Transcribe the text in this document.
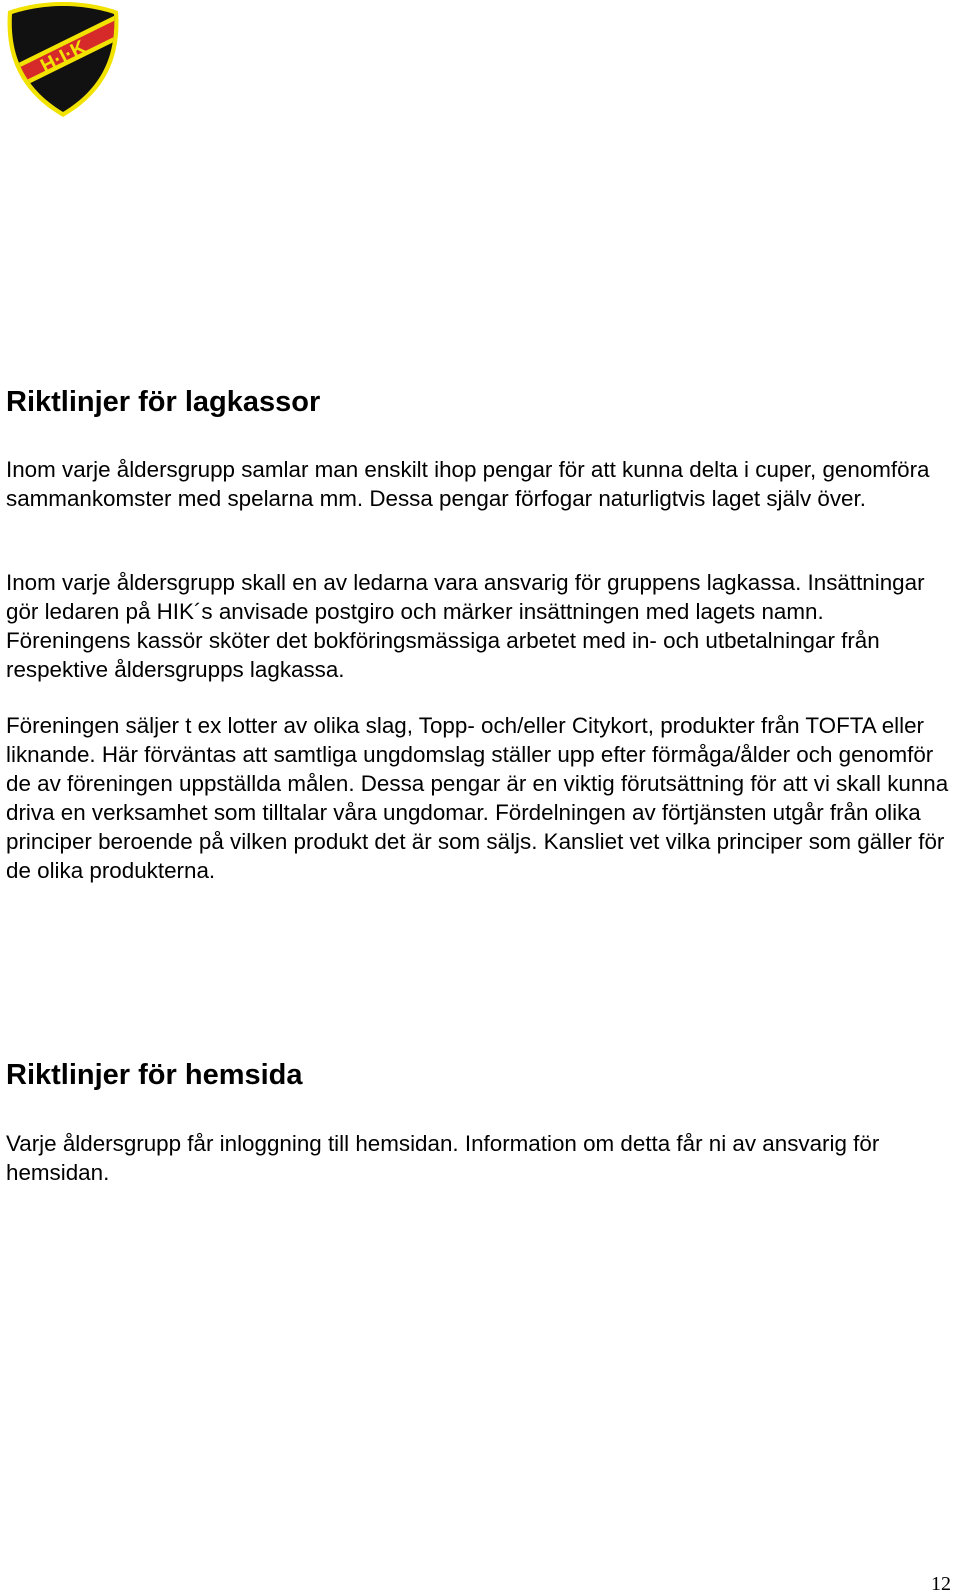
H·I·K
Riktlinjer för lagkassor

Inom varje åldersgrupp samlar man enskilt ihop pengar för att kunna delta i cuper, genomföra sammankomster med spelarna mm. Dessa pengar förfogar naturligtvis laget själv över.

Inom varje åldersgrupp skall en av ledarna vara ansvarig för gruppens lagkassa. Insättningar gör ledaren på HIK´s anvisade postgiro och märker insättningen med lagets namn. Föreningens kassör sköter det bokföringsmässiga arbetet med in- och utbetalningar från respektive åldersgrupps lagkassa.

Föreningen säljer t ex lotter av olika slag, Topp- och/eller Citykort, produkter från TOFTA eller liknande. Här förväntas att samtliga ungdomslag ställer upp efter förmåga/ålder och genomför de av föreningen uppställda målen. Dessa pengar är en viktig förutsättning för att vi skall kunna driva en verksamhet som tilltalar våra ungdomar. Fördelningen av förtjänsten utgår från olika principer beroende på vilken produkt det är som säljs. Kansliet vet vilka principer som gäller för de olika produkterna.

Riktlinjer för hemsida

Varje åldersgrupp får inloggning till hemsidan. Information om detta får ni av ansvarig för hemsidan.

12
